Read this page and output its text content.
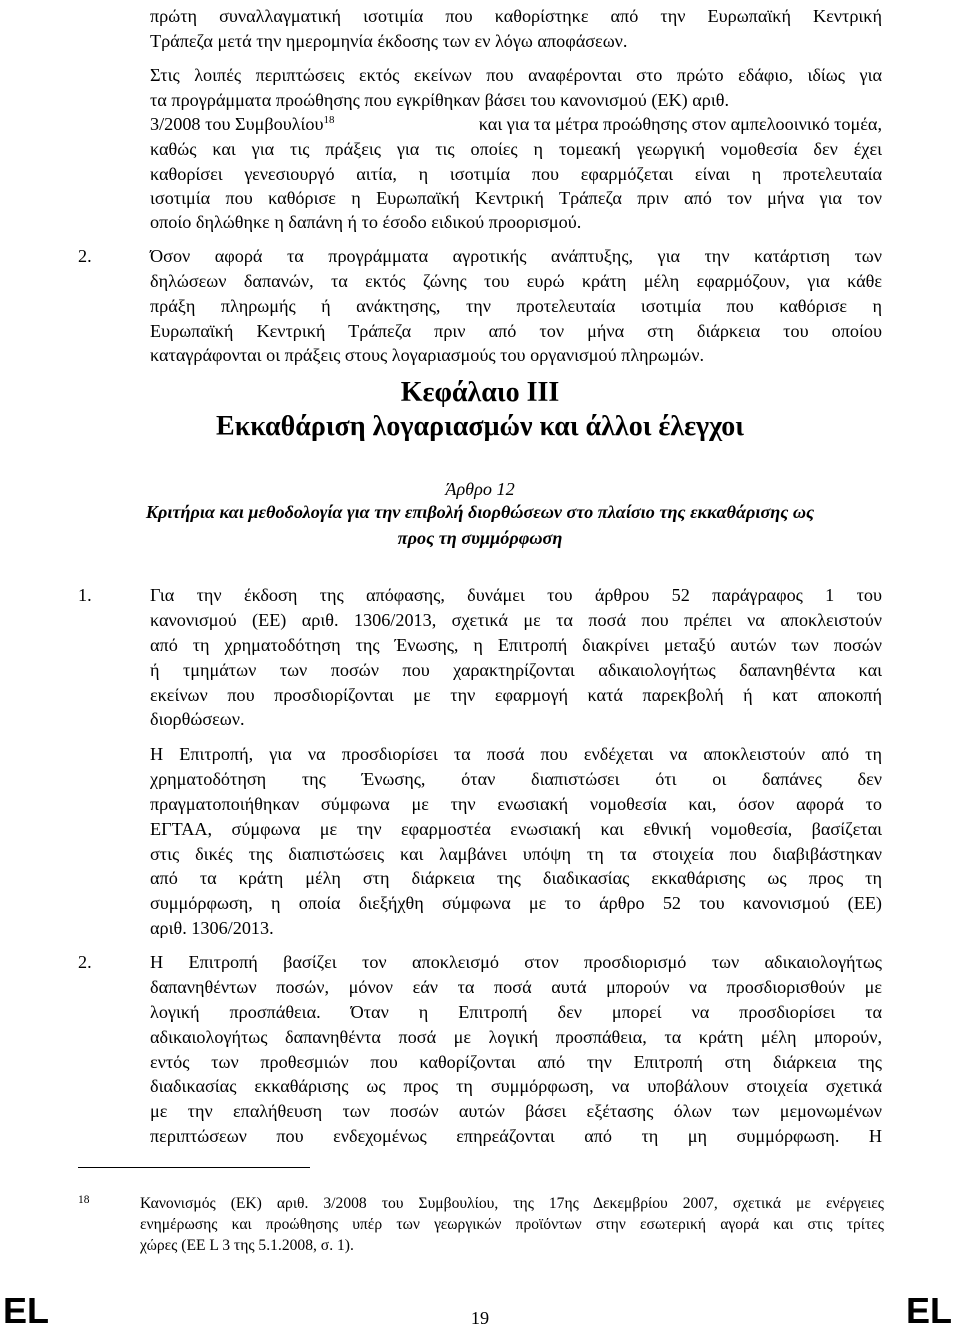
πρώτη συναλλαγματική ισοτιμία που καθορίστηκε από την Ευρωπαϊκή Κεντρική
Τράπεζα μετά την ημερομηνία έκδοσης των εν λόγω αποφάσεων.
Στις λοιπές περιπτώσεις εκτός εκείνων που αναφέρονται στο πρώτο εδάφιο, ιδίως για
τα προγράμματα προώθησης που εγκρίθηκαν βάσει του κανονισμού (ΕΚ) αριθ.
3/2008 του Συμβουλίου$^{18}$	και για τα μέτρα προώθησης στον αμπελοοινικό τομέα,
καθώς και για τις πράξεις για τις οποίες η τομεακή γεωργική νομοθεσία δεν έχει
καθορίσει γενεσιουργό αιτία, η ισοτιμία που εφαρμόζεται είναι η προτελευταία
ισοτιμία που καθόρισε η Ευρωπαϊκή Κεντρική Τράπεζα πριν από τον μήνα για τον
οποίο δηλώθηκε η δαπάνη ή το έσοδο ειδικού προορισμού.
2.	Όσον αφορά τα προγράμματα αγροτικής ανάπτυξης, για την κατάρτιση των
δηλώσεων δαπανών, τα εκτός ζώνης του ευρώ κράτη μέλη εφαρμόζουν, για κάθε
πράξη πληρωμής ή ανάκτησης, την προτελευταία ισοτιμία που καθόρισε η
Ευρωπαϊκή Κεντρική Τράπεζα πριν από τον μήνα στη διάρκεια του οποίου
καταγράφονται οι πράξεις στους λογαριασμούς του οργανισμού πληρωμών.
Κεφάλαιο ΙΙΙ
Εκκαθάριση λογαριασμών και άλλοι έλεγχοι
Άρθρο 12
Κριτήρια και μεθοδολογία για την επιβολή διορθώσεων στο πλαίσιο της εκκαθάρισης ως
προς τη συμμόρφωση
1.	Για την έκδοση της απόφασης, δυνάμει του άρθρου 52 παράγραφος 1 του
κανονισμού (ΕΕ) αριθ. 1306/2013, σχετικά με τα ποσά που πρέπει να αποκλειστούν
από τη χρηματοδότηση της Ένωσης, η Επιτροπή διακρίνει μεταξύ αυτών των ποσών
ή τμημάτων των ποσών που χαρακτηρίζονται αδικαιολογήτως δαπανηθέντα και
εκείνων που προσδιορίζονται με την εφαρμογή κατά παρεκβολή ή κατ αποκοπή
διορθώσεων.
Η Επιτροπή, για να προσδιορίσει τα ποσά που ενδέχεται να αποκλειστούν από τη
χρηματοδότηση της Ένωσης, όταν διαπιστώσει ότι οι δαπάνες δεν
πραγματοποιήθηκαν σύμφωνα με την ενωσιακή νομοθεσία και, όσον αφορά το
ΕΓΤΑΑ, σύμφωνα με την εφαρμοστέα ενωσιακή και εθνική νομοθεσία, βασίζεται
στις δικές της διαπιστώσεις και λαμβάνει υπόψη τη τα στοιχεία που διαβιβάστηκαν
από τα κράτη μέλη στη διάρκεια της διαδικασίας εκκαθάρισης ως προς τη
συμμόρφωση, η οποία διεξήχθη σύμφωνα με το άρθρο 52 του κανονισμού (ΕΕ)
αριθ. 1306/2013.
2.	Η Επιτροπή βασίζει τον αποκλεισμό στον προσδιορισμό των αδικαιολογήτως
δαπανηθέντων ποσών, μόνον εάν τα ποσά αυτά μπορούν να προσδιορισθούν με
λογική προσπάθεια. Όταν η Επιτροπή δεν μπορεί να προσδιορίσει τα
αδικαιολογήτως δαπανηθέντα ποσά με λογική προσπάθεια, τα κράτη μέλη μπορούν,
εντός των προθεσμιών που καθορίζονται από την Επιτροπή στη διάρκεια της
διαδικασίας εκκαθάρισης ως προς τη συμμόρφωση, να υποβάλουν στοιχεία σχετικά
με την επαλήθευση των ποσών αυτών βάσει εξέτασης όλων των μεμονωμένων
περιπτώσεων που ενδεχομένως επηρεάζονται από τη μη συμμόρφωση. Η
18	Κανονισμός (ΕΚ) αριθ. 3/2008 του Συμβουλίου, της 17ης Δεκεμβρίου 2007, σχετικά με ενέργειες
ενημέρωσης και προώθησης υπέρ των γεωργικών προϊόντων στην εσωτερική αγορά και στις τρίτες
χώρες (ΕΕ L 3 της 5.1.2008, σ. 1).
EL	19	EL
